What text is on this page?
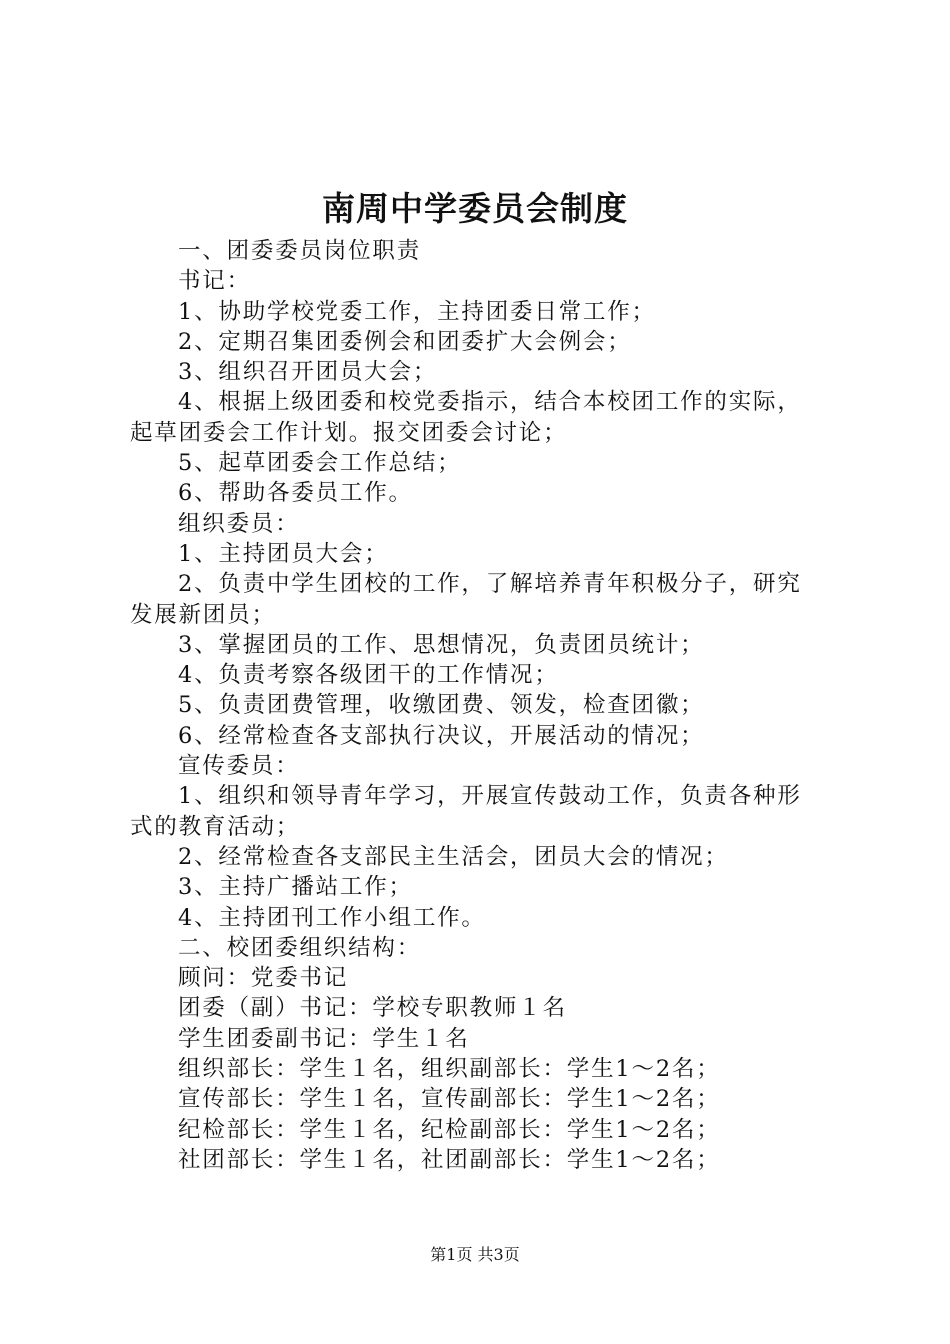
南周中学委员会制度
一、团委委员岗位职责
书记：
1、协助学校党委工作，主持团委日常工作；
2、定期召集团委例会和团委扩大会例会；
3、组织召开团员大会；
4、根据上级团委和校党委指示，结合本校团工作的实际，
起草团委会工作计划。报交团委会讨论；
5、起草团委会工作总结；
6、帮助各委员工作。
组织委员：
1、主持团员大会；
2、负责中学生团校的工作，了解培养青年积极分子，研究
发展新团员；
3、掌握团员的工作、思想情况，负责团员统计；
4、负责考察各级团干的工作情况；
5、负责团费管理，收缴团费、领发，检查团徽；
6、经常检查各支部执行决议，开展活动的情况；
宣传委员：
1、组织和领导青年学习，开展宣传鼓动工作，负责各种形
式的教育活动；
2、经常检查各支部民主生活会，团员大会的情况；
3、主持广播站工作；
4、主持团刊工作小组工作。
二、校团委组织结构：
顾问：党委书记
团委（副）书记：学校专职教师１名
学生团委副书记：学生１名
组织部长：学生１名，组织副部长：学生1～2名；
宣传部长：学生１名，宣传副部长：学生1～2名；
纪检部长：学生１名，纪检副部长：学生1～2名；
社团部长：学生１名，社团副部长：学生1～2名；
第1页 共3页
